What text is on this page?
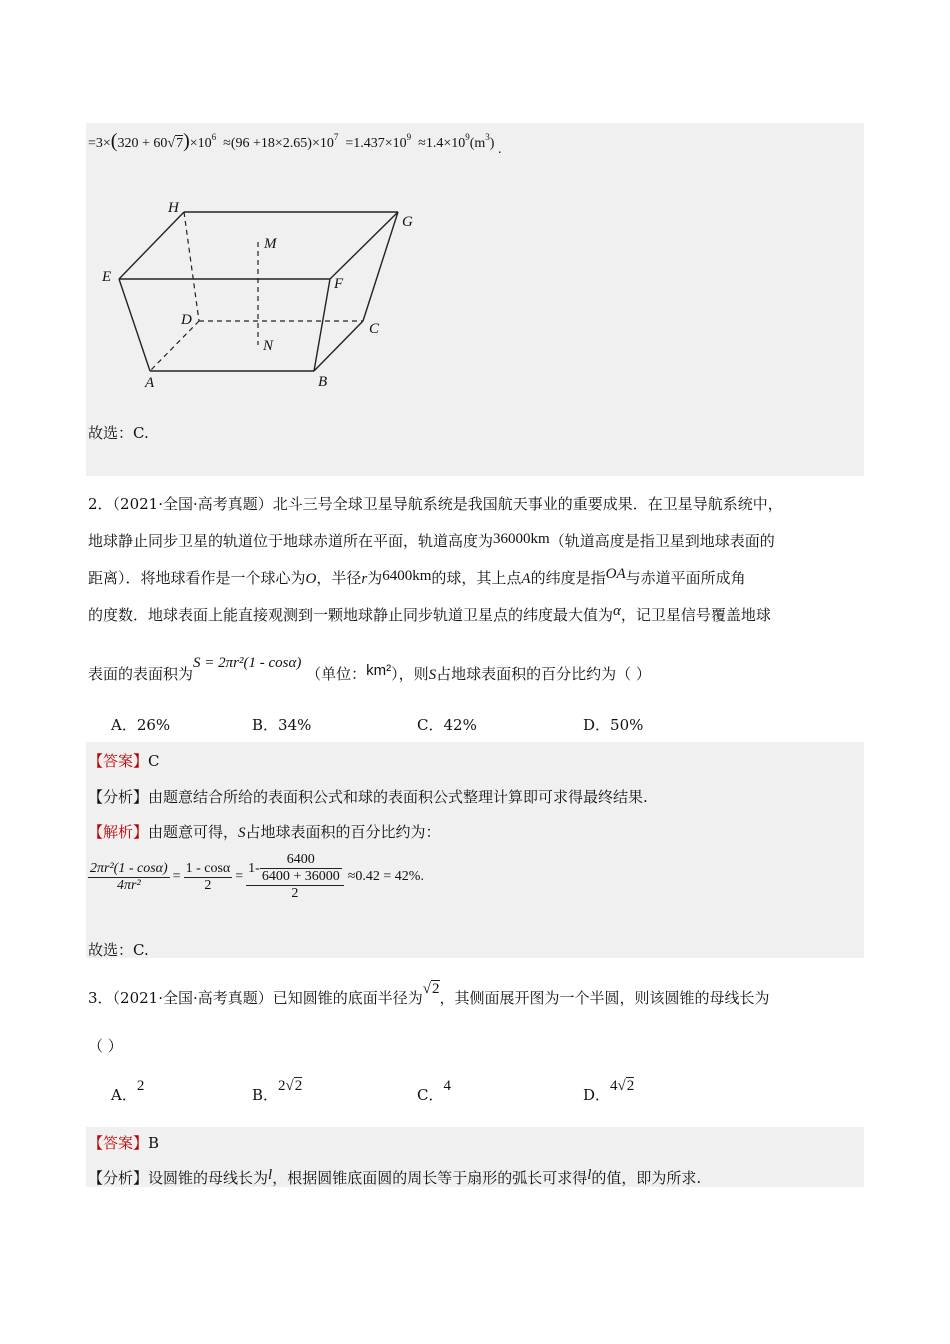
$=3\times(320 + 60√7)\times 10^6 \approx(96 +18\times 2.65)\times 10^7 =1.437\times 10^9 \approx 1.4\times 10^9(m^3)$ .
H
G
M
E	F
D
C
N
A	B
故选：C.
2．（2021·全国·高考真题）北斗三号全球卫星导航系统是我国航天事业的重要成果．在卫星导航系统中，
地球静止同步卫星的轨道位于地球赤道所在平面，轨道高度为36000km（轨道高度是指卫星到地球表面的
距离）．将地球看作是一个球心为O，半径r为6400km的球，其上点A的纬度是指OA与赤道平面所成角
的度数．地球表面上能直接观测到一颗地球静止同步轨道卫星点的纬度最大值为α，记卫星信号覆盖地球
表面的表面积为S = 2πr²(1 - cosα) （单位：km²），则S占地球表面积的百分比约为（ ）
A．26%	B．34%	C．42%	D．50%
【答案】C
【分析】由题意结合所给的表面积公式和球的表面积公式整理计算即可求得最终结果.
【解析】由题意可得，S占地球表面积的百分比约为：
$\frac{\text{2πr²(1 - cosα)}}{\text{4πr²}} = \frac{1 - \cos\alpha}{2} = \frac{1- \frac{6400}{6400 + 36000}}{2} \approx 0.42 = 42\%$ .
故选：C.
3．（2021·全国·高考真题）已知圆锥的底面半径为√2，其侧面展开图为一个半圆，则该圆锥的母线长为
（ ）
A．2	B．2√2	C．4	D．4√2
【答案】B
【分析】设圆锥的母线长为l，根据圆锥底面圆的周长等于扇形的弧长可求得l的值，即为所求.
